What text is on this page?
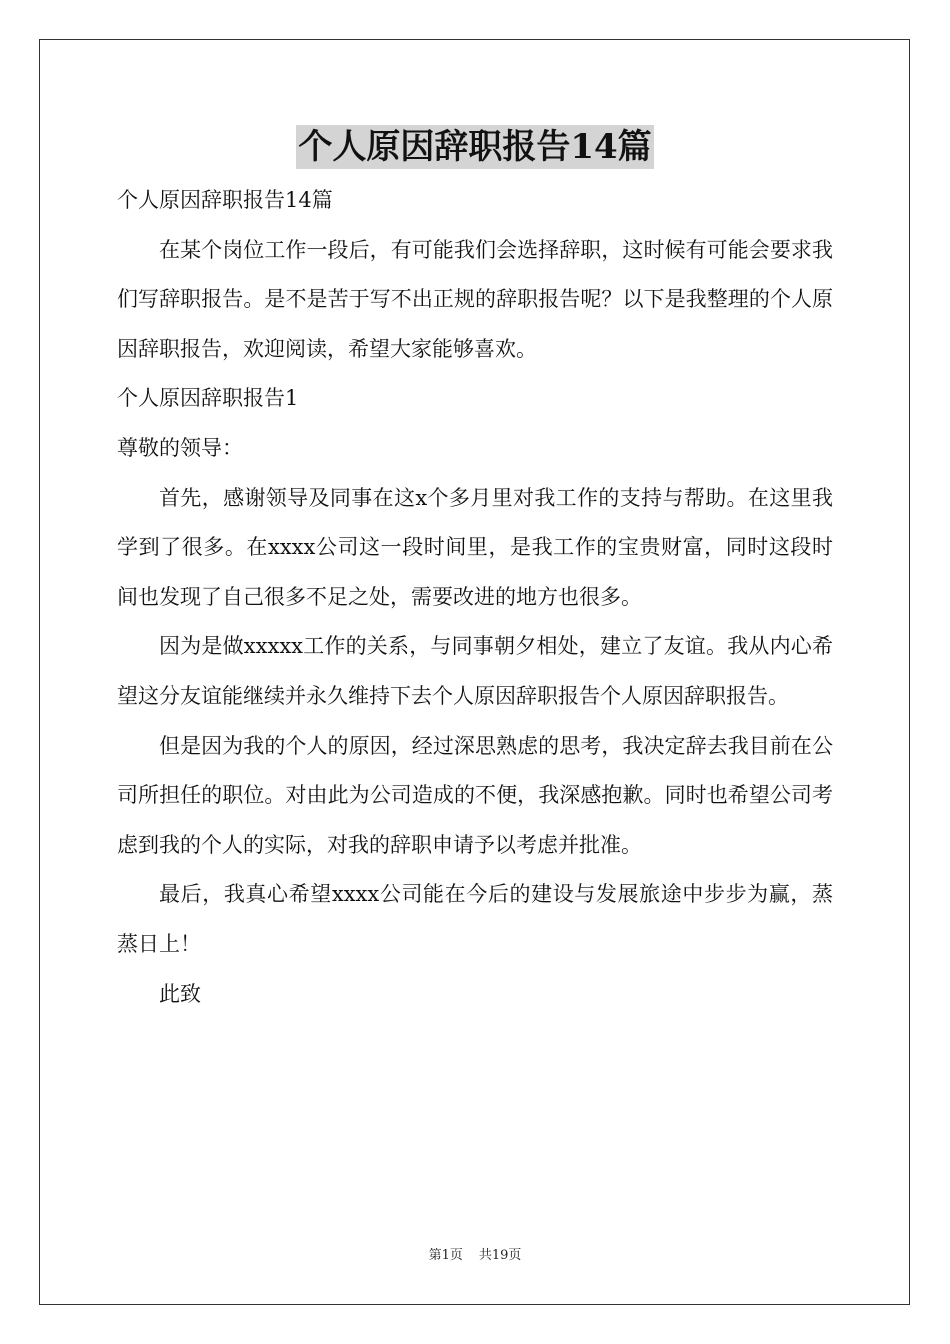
个人原因辞职报告14篇

个人原因辞职报告14篇

在某个岗位工作一段后，有可能我们会选择辞职，这时候有可能会要求我们写辞职报告。是不是苦于写不出正规的辞职报告呢？以下是我整理的个人原因辞职报告，欢迎阅读，希望大家能够喜欢。

个人原因辞职报告1

尊敬的领导：

首先，感谢领导及同事在这x个多月里对我工作的支持与帮助。在这里我学到了很多。在xxxx公司这一段时间里，是我工作的宝贵财富，同时这段时间也发现了自己很多不足之处，需要改进的地方也很多。

因为是做xxxxx工作的关系，与同事朝夕相处，建立了友谊。我从内心希望这分友谊能继续并永久维持下去个人原因辞职报告个人原因辞职报告。

但是因为我的个人的原因，经过深思熟虑的思考，我决定辞去我目前在公司所担任的职位。对由此为公司造成的不便，我深感抱歉。同时也希望公司考虑到我的个人的实际，对我的辞职申请予以考虑并批准。

最后，我真心希望xxxx公司能在今后的建设与发展旅途中步步为赢，蒸蒸日上！

此致

第1页 共19页
